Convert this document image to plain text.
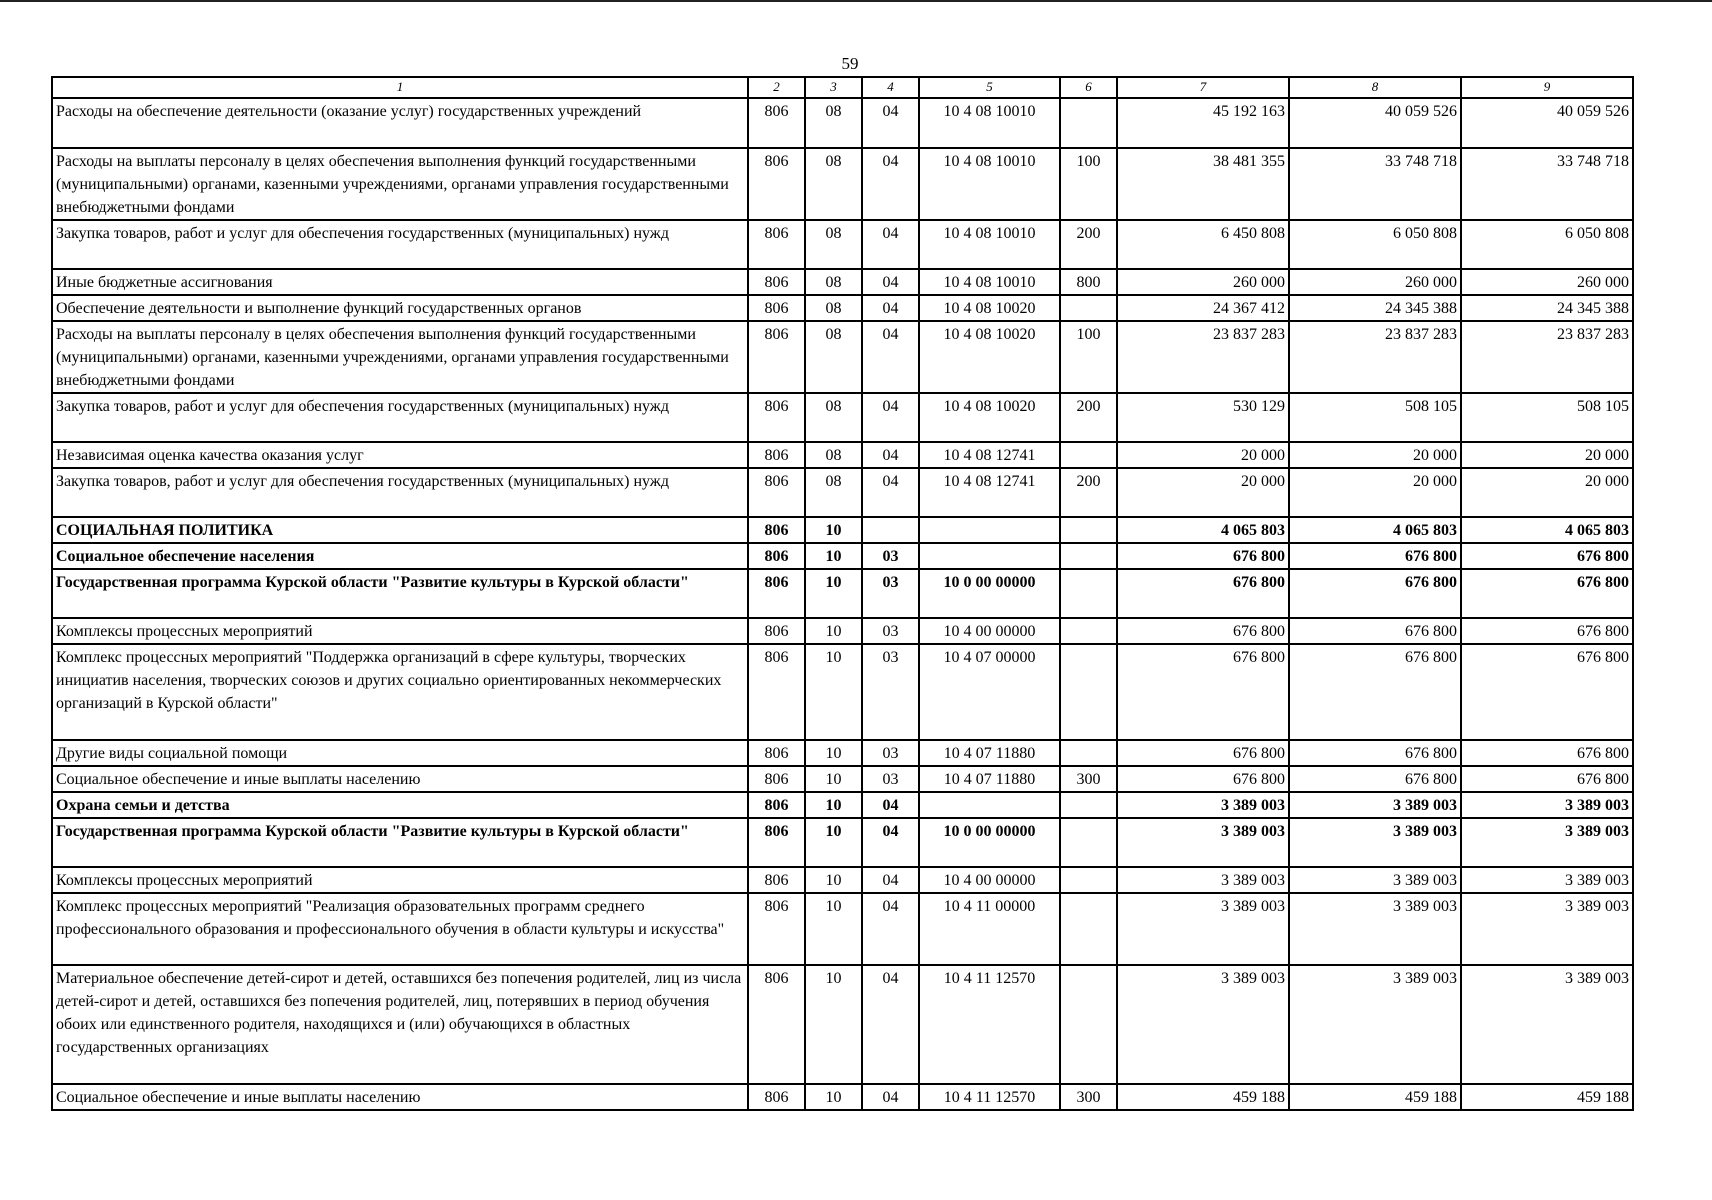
59
1	2	3	4	5	6	7	8	9
Расходы на обеспечение деятельности (оказание услуг) государственных учреждений	806	08	04	10 4 08 10010		45 192 163	40 059 526	40 059 526
Расходы на выплаты персоналу в целях обеспечения выполнения функций государственными (муниципальными) органами, казенными учреждениями, органами управления государственными внебюджетными фондами	806	08	04	10 4 08 10010	100	38 481 355	33 748 718	33 748 718
Закупка товаров, работ и услуг для обеспечения государственных (муниципальных) нужд	806	08	04	10 4 08 10010	200	6 450 808	6 050 808	6 050 808
Иные бюджетные ассигнования	806	08	04	10 4 08 10010	800	260 000	260 000	260 000
Обеспечение деятельности и выполнение функций государственных органов	806	08	04	10 4 08 10020		24 367 412	24 345 388	24 345 388
Расходы на выплаты персоналу в целях обеспечения выполнения функций государственными (муниципальными) органами, казенными учреждениями, органами управления государственными внебюджетными фондами	806	08	04	10 4 08 10020	100	23 837 283	23 837 283	23 837 283
Закупка товаров, работ и услуг для обеспечения государственных (муниципальных) нужд	806	08	04	10 4 08 10020	200	530 129	508 105	508 105
Независимая оценка качества оказания услуг	806	08	04	10 4 08 12741		20 000	20 000	20 000
Закупка товаров, работ и услуг для обеспечения государственных (муниципальных) нужд	806	08	04	10 4 08 12741	200	20 000	20 000	20 000
СОЦИАЛЬНАЯ ПОЛИТИКА	806	10				4 065 803	4 065 803	4 065 803
Социальное обеспечение населения	806	10	03			676 800	676 800	676 800
Государственная программа Курской области "Развитие культуры в Курской области"	806	10	03	10 0 00 00000		676 800	676 800	676 800
Комплексы процессных мероприятий	806	10	03	10 4 00 00000		676 800	676 800	676 800
Комплекс процессных мероприятий "Поддержка организаций в сфере культуры, творческих инициатив населения, творческих союзов и других социально ориентированных некоммерческих организаций в Курской области"	806	10	03	10 4 07 00000		676 800	676 800	676 800
Другие виды социальной помощи	806	10	03	10 4 07 11880		676 800	676 800	676 800
Социальное обеспечение и иные выплаты населению	806	10	03	10 4 07 11880	300	676 800	676 800	676 800
Охрана семьи и детства	806	10	04			3 389 003	3 389 003	3 389 003
Государственная программа Курской области "Развитие культуры в Курской области"	806	10	04	10 0 00 00000		3 389 003	3 389 003	3 389 003
Комплексы процессных мероприятий	806	10	04	10 4 00 00000		3 389 003	3 389 003	3 389 003
Комплекс процессных мероприятий "Реализация образовательных программ среднего профессионального образования и профессионального обучения в области культуры и искусства"	806	10	04	10 4 11 00000		3 389 003	3 389 003	3 389 003
Материальное обеспечение детей-сирот и детей, оставшихся без попечения родителей, лиц из числа детей-сирот и детей, оставшихся без попечения родителей, лиц, потерявших в период обучения обоих или единственного родителя, находящихся и (или) обучающихся в областных государственных организациях	806	10	04	10 4 11 12570		3 389 003	3 389 003	3 389 003
Социальное обеспечение и иные выплаты населению	806	10	04	10 4 11 12570	300	459 188	459 188	459 188
